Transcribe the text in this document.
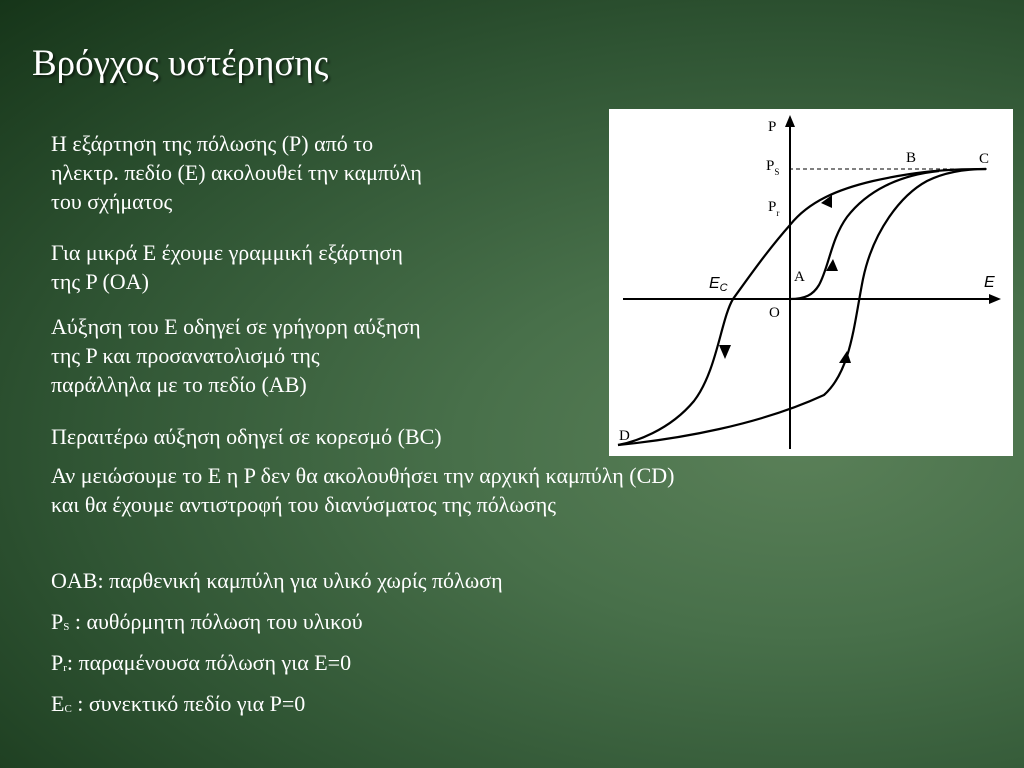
Βρόγχος υστέρησης

Η εξάρτηση της πόλωσης (P) από το
ηλεκτρ. πεδίο (Ε) ακολουθεί την καμπύλη
του σχήματος

Για μικρά Ε έχουμε γραμμική εξάρτηση
της P (OA)

Αύξηση του Ε οδηγεί σε γρήγορη αύξηση
της P και προσανατολισμό της
παράλληλα με το πεδίο (ΑΒ)

Περαιτέρω αύξηση οδηγεί σε κορεσμό (BC)

Αν μειώσουμε το Ε η P δεν θα ακολουθήσει την αρχική καμπύλη (CD)
και θα έχουμε αντιστροφή του διανύσματος της πόλωσης

OAB: παρθενική καμπύλη για υλικό χωρίς πόλωση

PS : αυθόρμητη πόλωση του υλικού

Pr: παραμένουσα πόλωση για Ε=0

EC : συνεκτικό πεδίο για P=0

P
$P_S$
$P_r$
B	C
A
O
E
EC
D
